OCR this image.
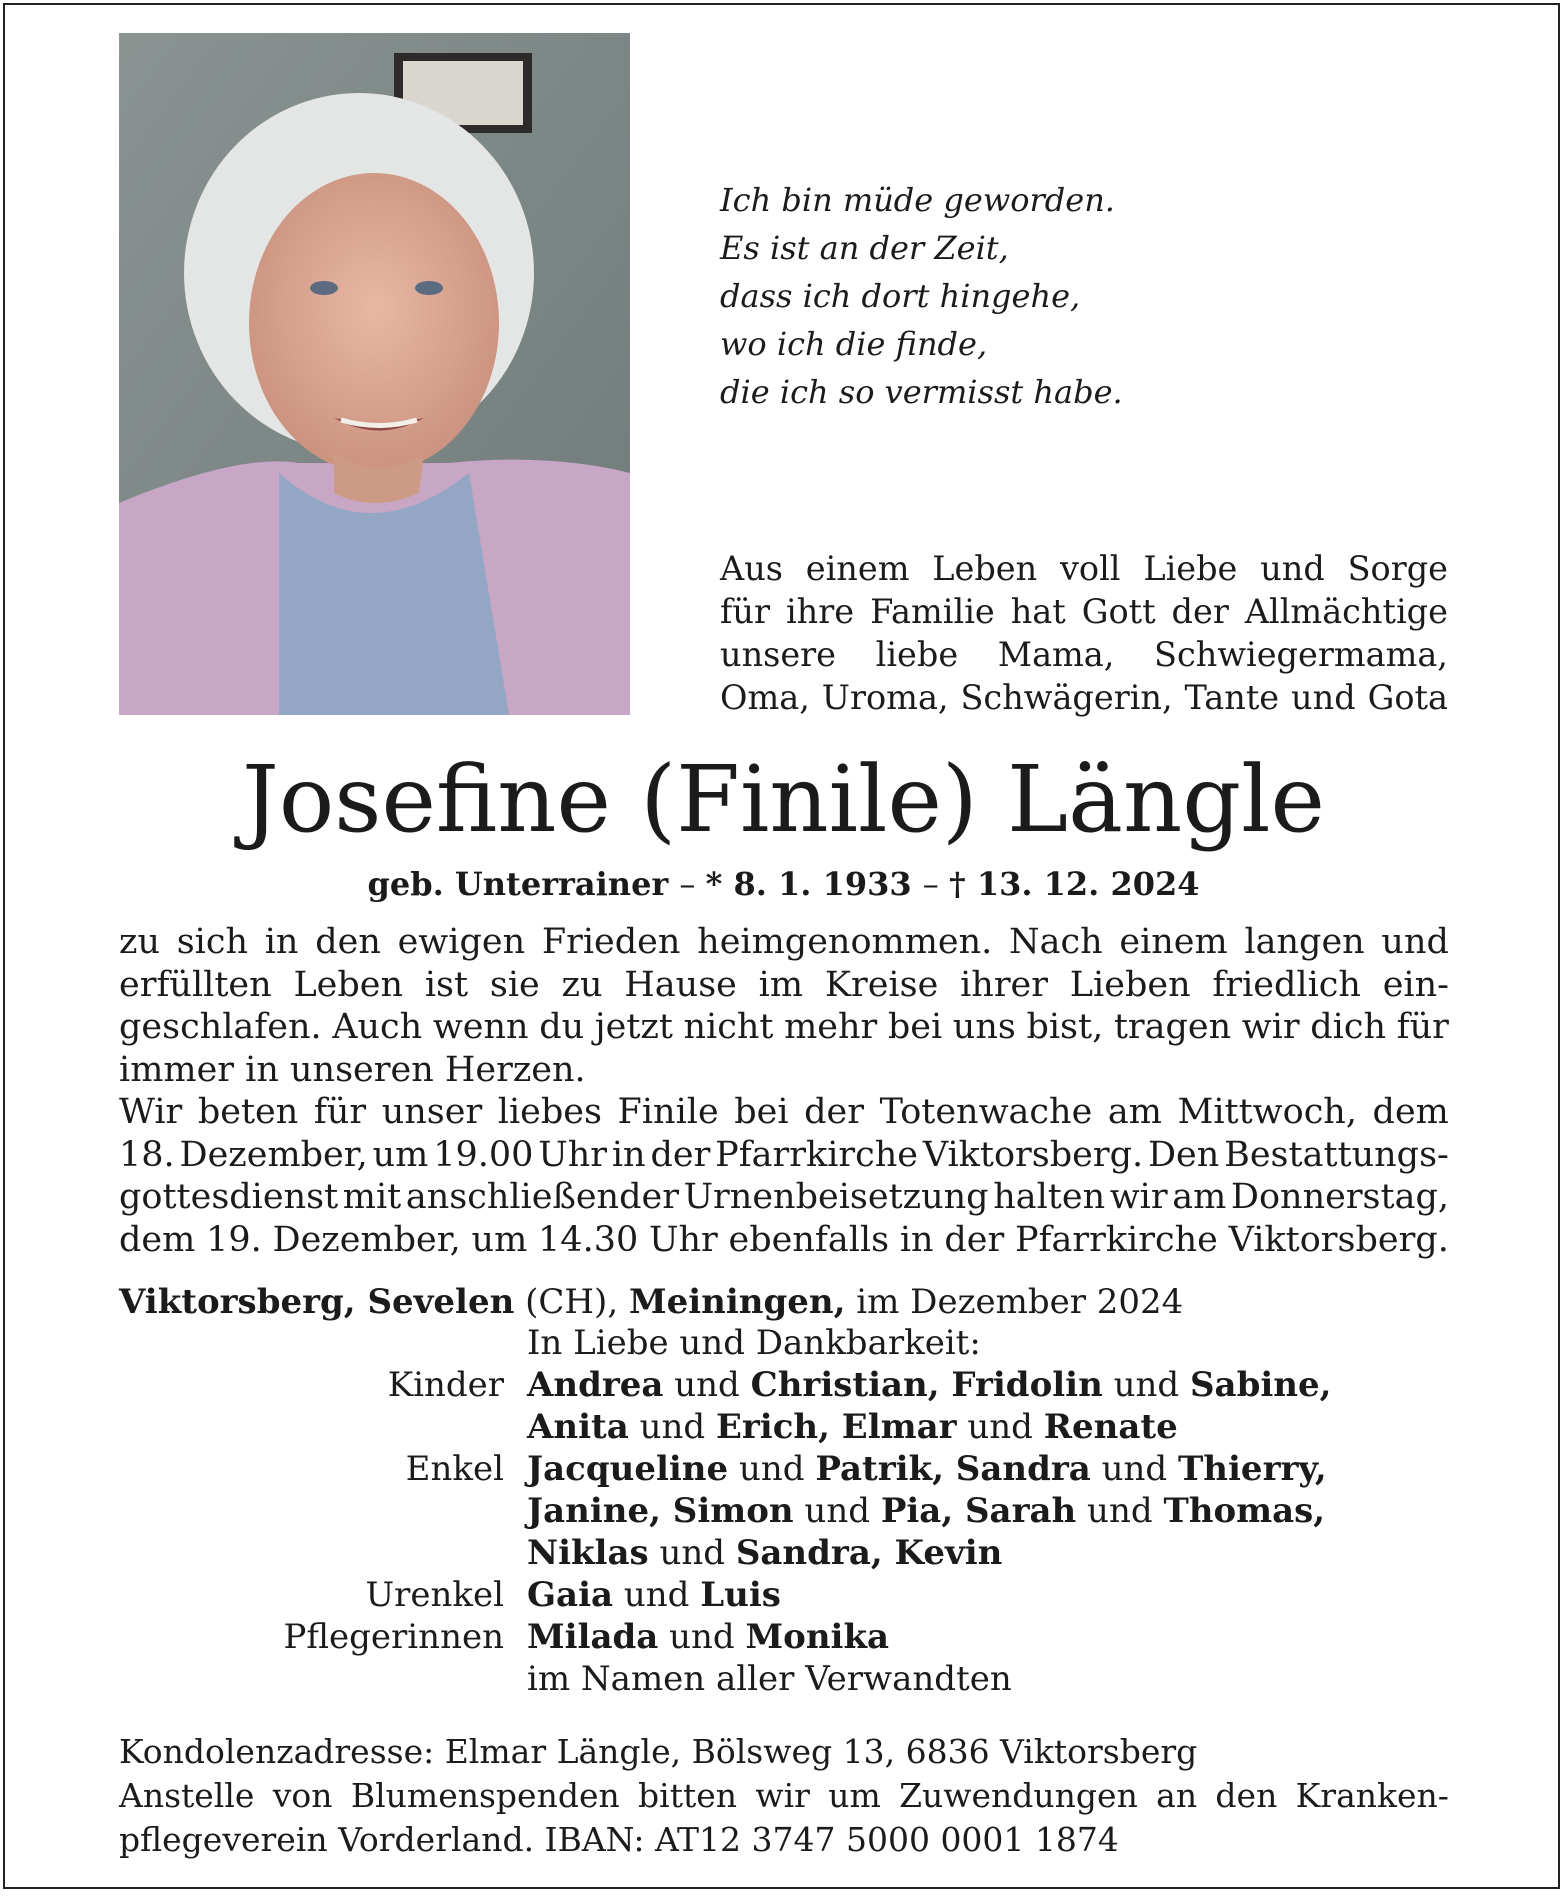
Ich bin müde geworden.
Es ist an der Zeit,
dass ich dort hingehe,
wo ich die finde,
die ich so vermisst habe.
Aus einem Leben voll Liebe und Sorge
für ihre Familie hat Gott der Allmächtige
unsere liebe Mama, Schwiegermama,
Oma, Uroma, Schwägerin, Tante und Gota
Josefine (Finile) Längle
geb. Unterrainer – * 8. 1. 1933 – † 13. 12. 2024
zu sich in den ewigen Frieden heimgenommen. Nach einem langen und
erfüllten Leben ist sie zu Hause im Kreise ihrer Lieben friedlich ein-
geschlafen. Auch wenn du jetzt nicht mehr bei uns bist, tragen wir dich für
immer in unseren Herzen.
Wir beten für unser liebes Finile bei der Totenwache am Mittwoch, dem
18. Dezember, um 19.00 Uhr in der Pfarrkirche Viktorsberg. Den Bestattungs-
gottesdienst mit anschließender Urnenbeisetzung halten wir am Donnerstag,
dem 19. Dezember, um 14.30 Uhr ebenfalls in der Pfarrkirche Viktorsberg.
Viktorsberg, Sevelen (CH), Meiningen, im Dezember 2024
In Liebe und Dankbarkeit:
Kinder Andrea und Christian, Fridolin und Sabine,
Anita und Erich, Elmar und Renate
Enkel Jacqueline und Patrik, Sandra und Thierry,
Janine, Simon und Pia, Sarah und Thomas,
Niklas und Sandra, Kevin
Urenkel Gaia und Luis
Pflegerinnen Milada und Monika
im Namen aller Verwandten
Kondolenzadresse: Elmar Längle, Bölsweg 13, 6836 Viktorsberg
Anstelle von Blumenspenden bitten wir um Zuwendungen an den Kranken-
pflegeverein Vorderland. IBAN: AT12 3747 5000 0001 1874
